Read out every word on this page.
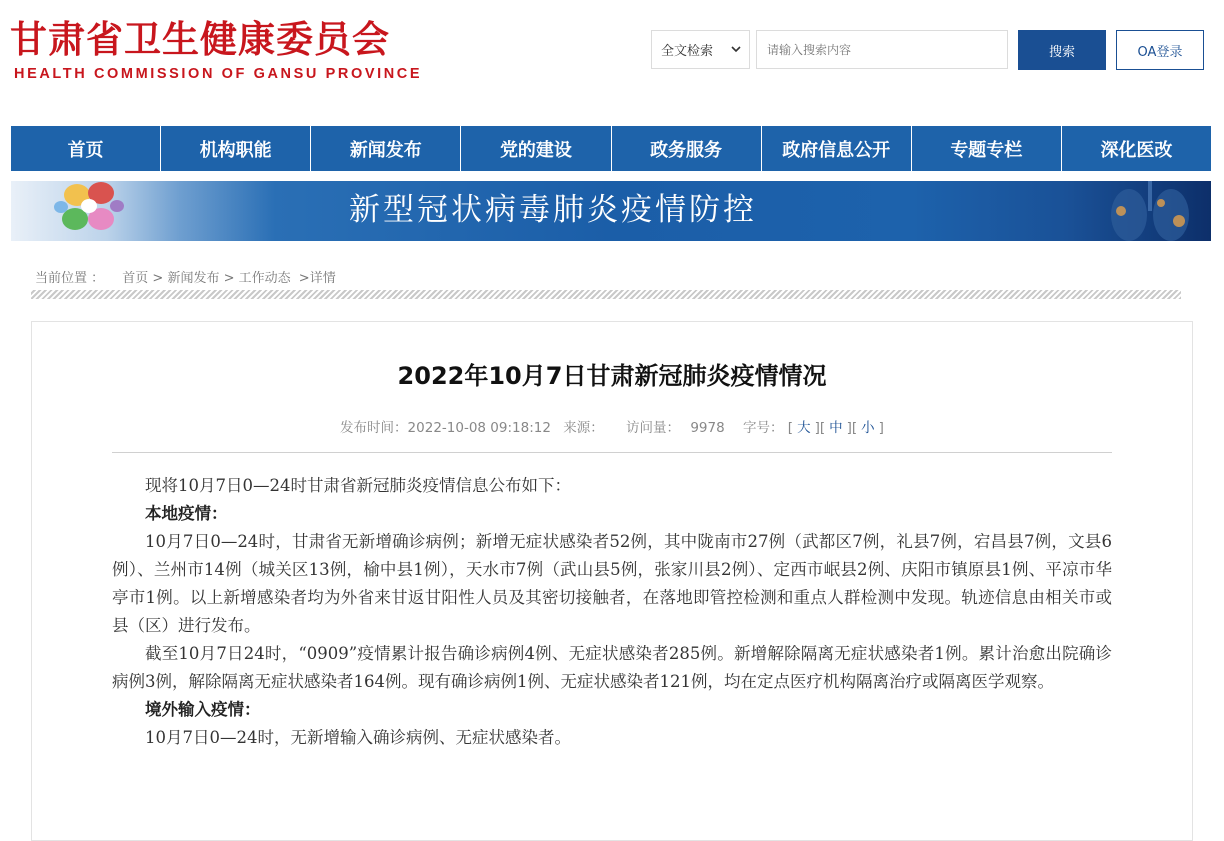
甘肃省卫生健康委员会
HEALTH COMMISSION OF GANSU PROVINCE
全文检索
请输入搜索内容	搜索	OA登录
首页	机构职能	新闻发布	党的建设	政务服务	政府信息公开	专题专栏	深化医改
新型冠状病毒肺炎疫情防控
当前位置 ： 首页 > 新闻发布 > 工作动态 >详情
2022年10月7日甘肃新冠肺炎疫情情况
发布时间：2022-10-08 09:18:12 来源： 访问量： 9978 字号： [ 大 ][ 中 ][ 小 ]

现将10月7日0—24时甘肃省新冠肺炎疫情信息公布如下：

本地疫情：

10月7日0—24时，甘肃省无新增确诊病例；新增无症状感染者52例，其中陇南市27例（武都区7例，礼县7例，宕昌县7例，文县6例）、兰州市14例（城关区13例，榆中县1例），天水市7例（武山县5例，张家川县2例）、定西市岷县2例、庆阳市镇原县1例、平凉市华亭市1例。以上新增感染者均为外省来甘返甘阳性人员及其密切接触者，在落地即管控检测和重点人群检测中发现。轨迹信息由相关市或县（区）进行发布。

截至10月7日24时，“0909”疫情累计报告确诊病例4例、无症状感染者285例。新增解除隔离无症状感染者1例。累计治愈出院确诊病例3例，解除隔离无症状感染者164例。现有确诊病例1例、无症状感染者121例，均在定点医疗机构隔离治疗或隔离医学观察。

境外输入疫情：

10月7日0—24时，无新增输入确诊病例、无症状感染者。
